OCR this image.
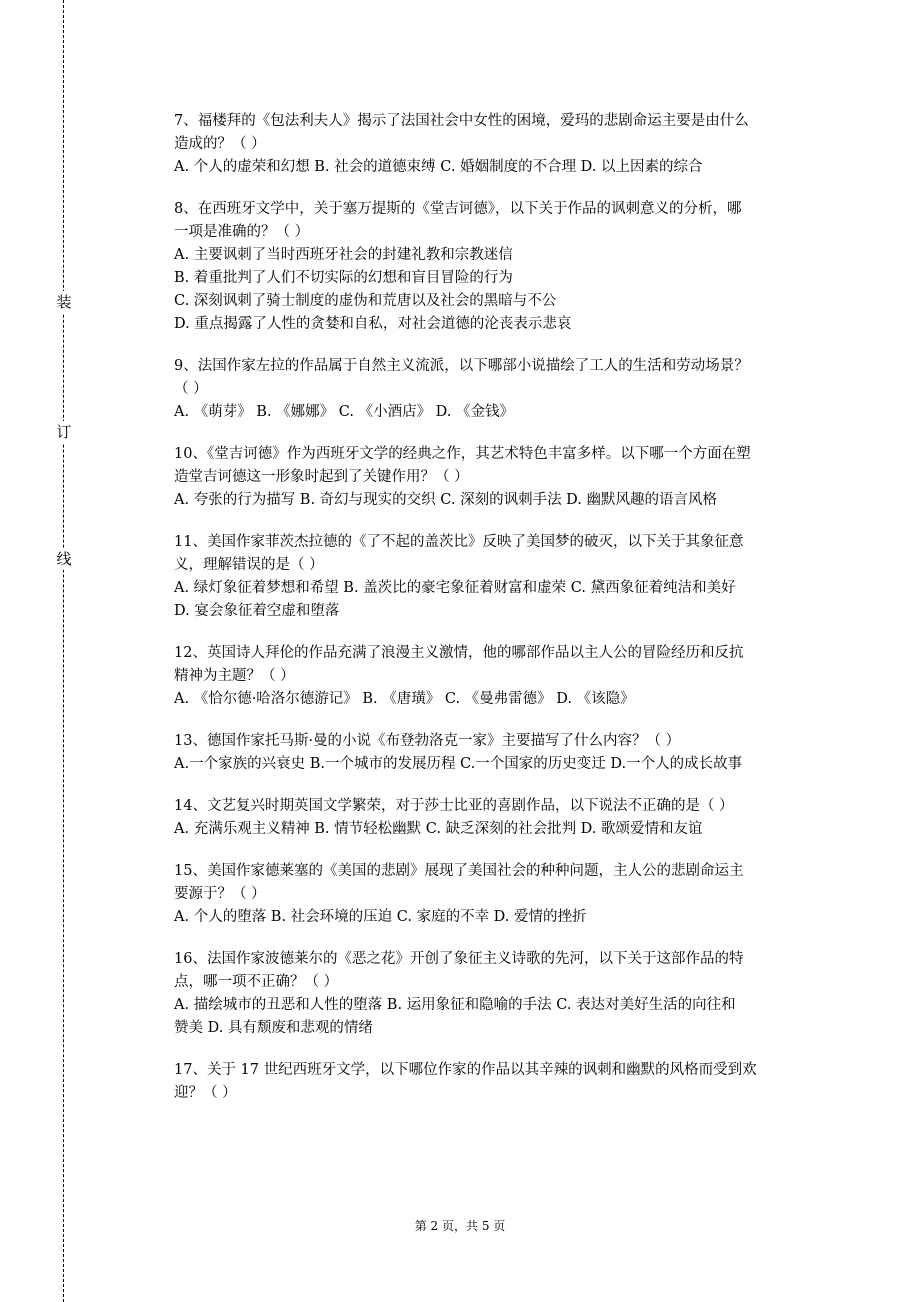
装
订
线
7、福楼拜的《包法利夫人》揭示了法国社会中女性的困境，爱玛的悲剧命运主要是由什么
造成的？（ ）
A. 个人的虚荣和幻想 B. 社会的道德束缚 C. 婚姻制度的不合理 D. 以上因素的综合
8、在西班牙文学中，关于塞万提斯的《堂吉诃德》，以下关于作品的讽刺意义的分析，哪
一项是准确的？（ ）
A. 主要讽刺了当时西班牙社会的封建礼教和宗教迷信
B. 着重批判了人们不切实际的幻想和盲目冒险的行为
C. 深刻讽刺了骑士制度的虚伪和荒唐以及社会的黑暗与不公
D. 重点揭露了人性的贪婪和自私，对社会道德的沦丧表示悲哀
9、法国作家左拉的作品属于自然主义流派，以下哪部小说描绘了工人的生活和劳动场景？
（ ）
A. 《萌芽》 B. 《娜娜》 C. 《小酒店》 D. 《金钱》
10、《堂吉诃德》作为西班牙文学的经典之作，其艺术特色丰富多样。以下哪一个方面在塑
造堂吉诃德这一形象时起到了关键作用？（ ）
A. 夸张的行为描写 B. 奇幻与现实的交织 C. 深刻的讽刺手法 D. 幽默风趣的语言风格
11、美国作家菲茨杰拉德的《了不起的盖茨比》反映了美国梦的破灭，以下关于其象征意
义，理解错误的是（ ）
A. 绿灯象征着梦想和希望 B. 盖茨比的豪宅象征着财富和虚荣 C. 黛西象征着纯洁和美好
D. 宴会象征着空虚和堕落
12、英国诗人拜伦的作品充满了浪漫主义激情，他的哪部作品以主人公的冒险经历和反抗
精神为主题？（ ）
A. 《恰尔德·哈洛尔德游记》 B. 《唐璜》 C. 《曼弗雷德》 D. 《该隐》
13、德国作家托马斯·曼的小说《布登勃洛克一家》主要描写了什么内容？（ ）
A.一个家族的兴衰史 B.一个城市的发展历程 C.一个国家的历史变迁 D.一个人的成长故事
14、文艺复兴时期英国文学繁荣，对于莎士比亚的喜剧作品，以下说法不正确的是（ ）
A. 充满乐观主义精神 B. 情节轻松幽默 C. 缺乏深刻的社会批判 D. 歌颂爱情和友谊
15、美国作家德莱塞的《美国的悲剧》展现了美国社会的种种问题，主人公的悲剧命运主
要源于？（ ）
A. 个人的堕落 B. 社会环境的压迫 C. 家庭的不幸 D. 爱情的挫折
16、法国作家波德莱尔的《恶之花》开创了象征主义诗歌的先河，以下关于这部作品的特
点，哪一项不正确？（ ）
A. 描绘城市的丑恶和人性的堕落 B. 运用象征和隐喻的手法 C. 表达对美好生活的向往和
赞美 D. 具有颓废和悲观的情绪
17、关于 17 世纪西班牙文学，以下哪位作家的作品以其辛辣的讽刺和幽默的风格而受到欢
迎？（ ）
第 2 页，共 5 页
